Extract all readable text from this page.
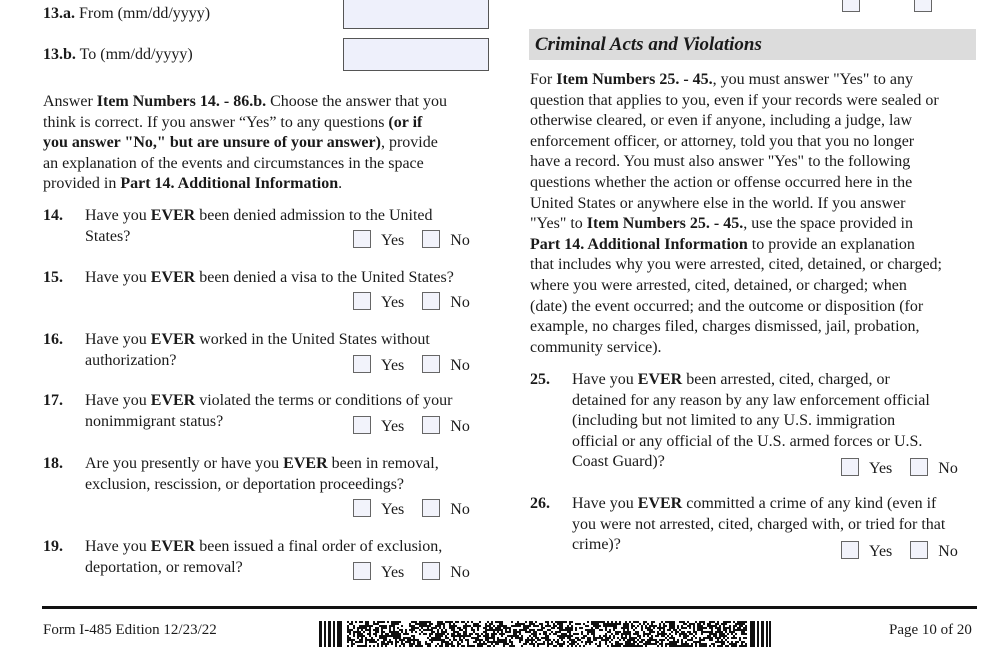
13.a. From (mm/dd/yyyy)
13.b. To (mm/dd/yyyy)
Answer Item Numbers 14. - 86.b. Choose the answer that you
think is correct. If you answer “Yes” to any questions (or if
you answer "No," but are unsure of your answer), provide
an explanation of the events and circumstances in the space
provided in Part 14. Additional Information.
14. Have you EVER been denied admission to the United
States?	Yes	No
15. Have you EVER been denied a visa to the United States?
Yes	No
16. Have you EVER worked in the United States without
authorization?	Yes	No
17. Have you EVER violated the terms or conditions of your
nonimmigrant status?	Yes	No
18. Are you presently or have you EVER been in removal,
exclusion, rescission, or deportation proceedings?
Yes	No
19. Have you EVER been issued a final order of exclusion,
deportation, or removal?	Yes	No
Criminal Acts and Violations
For Item Numbers 25. - 45., you must answer "Yes" to any
question that applies to you, even if your records were sealed or
otherwise cleared, or even if anyone, including a judge, law
enforcement officer, or attorney, told you that you no longer
have a record. You must also answer "Yes" to the following
questions whether the action or offense occurred here in the
United States or anywhere else in the world. If you answer
"Yes" to Item Numbers 25. - 45., use the space provided in
Part 14. Additional Information to provide an explanation
that includes why you were arrested, cited, detained, or charged;
where you were arrested, cited, detained, or charged; when
(date) the event occurred; and the outcome or disposition (for
example, no charges filed, charges dismissed, jail, probation,
community service).
25. Have you EVER been arrested, cited, charged, or
detained for any reason by any law enforcement official
(including but not limited to any U.S. immigration
official or any official of the U.S. armed forces or U.S.
Coast Guard)?	Yes	No
26. Have you EVER committed a crime of any kind (even if
you were not arrested, cited, charged with, or tried for that
crime)?	Yes	No
Form I-485 Edition 12/23/22	Page 10 of 20
